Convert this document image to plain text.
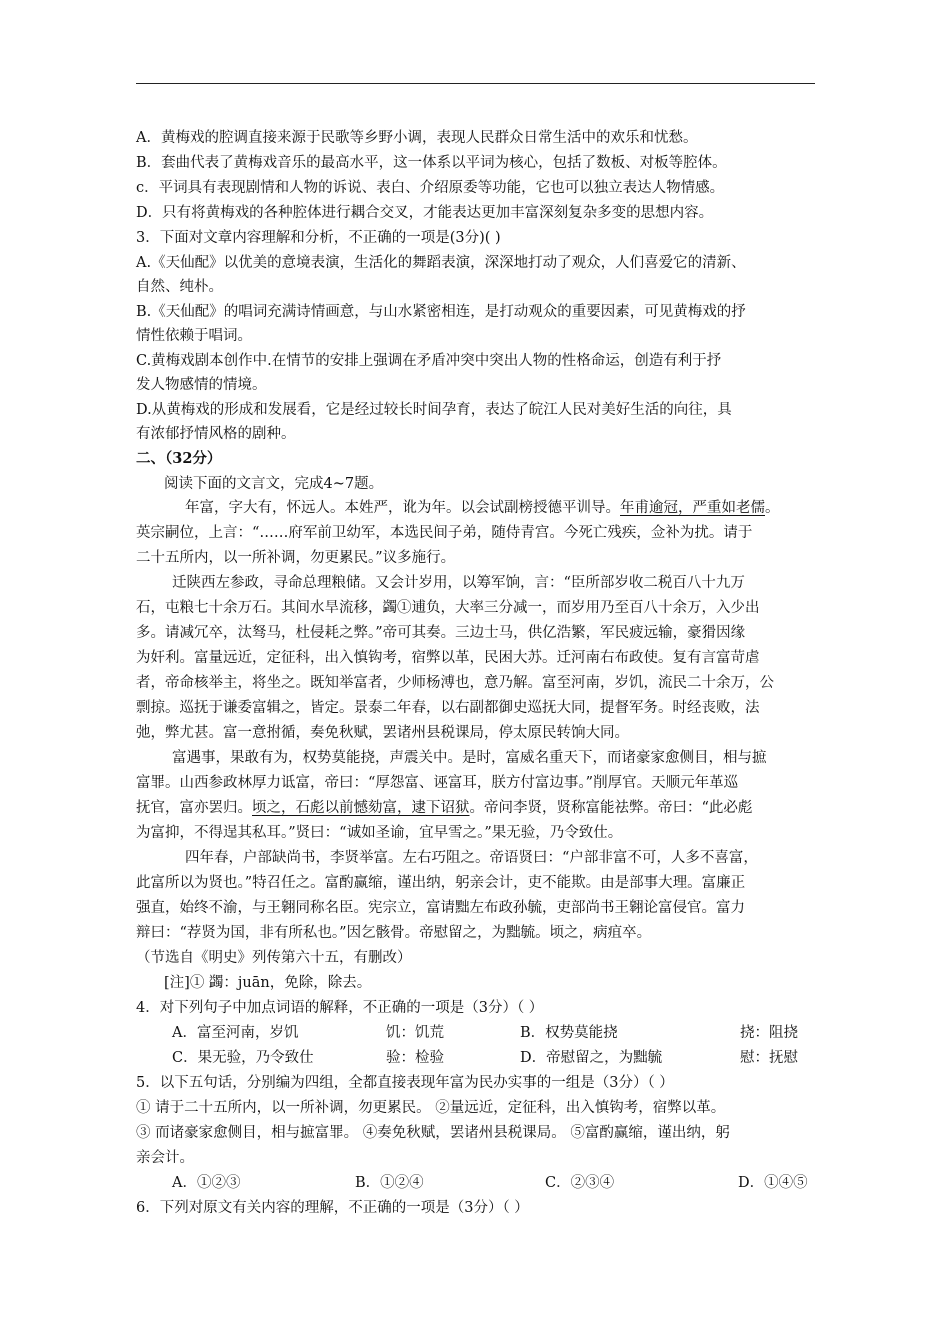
A．黄梅戏的腔调直接来源于民歌等乡野小调，表现人民群众日常生活中的欢乐和忧愁。
B．套曲代表了黄梅戏音乐的最高水平，这一体系以平词为核心，包括了数板、对板等腔体。
c．平词具有表现剧情和人物的诉说、表白、介绍原委等功能，它也可以独立表达人物情感。
D．只有将黄梅戏的各种腔体进行耦合交叉，才能表达更加丰富深刻复杂多变的思想内容。
3．下面对文章内容理解和分析，不正确的一项是(3分)( )
A.《天仙配》以优美的意境表演，生活化的舞蹈表演，深深地打动了观众，人们喜爱它的清新、
自然、纯朴。
B.《天仙配》的唱词充满诗情画意，与山水紧密相连，是打动观众的重要因素，可见黄梅戏的抒
情性依赖于唱词。
C.黄梅戏剧本创作中.在情节的安排上强调在矛盾冲突中突出人物的性格命运，创造有利于抒
发人物感情的情境。
D.从黄梅戏的形成和发展看，它是经过较长时间孕育，表达了皖江人民对美好生活的向往，具
有浓郁抒情风格的剧种。
二、（32分）
阅读下面的文言文，完成4~7题。
年富，字大有，怀远人。本姓严，讹为年。以会试副榜授德平训导。年甫逾冠，严重如老儒。
英宗嗣位，上言：“……府军前卫幼军，本选民间子弟，随侍青宫。今死亡残疾，佥补为扰。请于
二十五所内，以一所补调，勿更累民。”议多施行。
迁陕西左参政，寻命总理粮储。又会计岁用，以筹军饷，言：“臣所部岁收二税百八十九万
石，屯粮七十余万石。其间水旱流移，蠲①逋负，大率三分减一，而岁用乃至百八十余万，入少出
多。请减冗卒，汰驽马，杜侵耗之弊。”帝可其奏。三边士马，供亿浩繁，军民疲远输，豪猾因缘
为奸利。富量远近，定征科，出入慎钩考，宿弊以革，民困大苏。迁河南右布政使。复有言富苛虐
者，帝命核举主，将坐之。既知举富者，少师杨溥也，意乃解。富至河南，岁饥，流民二十余万，公
剽掠。巡抚于谦委富辑之，皆定。景泰二年春，以右副都御史巡抚大同，提督军务。时经丧败，法
弛，弊尤甚。富一意拊循，奏免秋赋，罢诸州县税课局，停太原民转饷大同。
富遇事，果敢有为，权势莫能挠，声震关中。是时，富威名重天下，而诸豪家愈侧目，相与摭
富罪。山西参政林厚力诋富，帝曰：“厚怨富、诬富耳，朕方付富边事。”削厚官。天顺元年革巡
抚官，富亦罢归。顷之，石彪以前憾劾富，逮下诏狱。帝问李贤，贤称富能祛弊。帝曰：“此必彪
为富抑，不得逞其私耳。”贤曰：“诚如圣谕，宜早雪之。”果无验，乃令致仕。
四年春，户部缺尚书，李贤举富。左右巧阻之。帝语贤曰：“户部非富不可，人多不喜富，
此富所以为贤也。”特召任之。富酌赢缩，谨出纳，躬亲会计，吏不能欺。由是部事大理。富廉正
强直，始终不渝，与王翱同称名臣。宪宗立，富请黜左布政孙毓，吏部尚书王翱论富侵官。富力
辩曰：“荐贤为国，非有所私也。”因乞骸骨。帝慰留之，为黜毓。顷之，病疽卒。
（节选自《明史》列传第六十五，有删改）
[注]① 蠲：juān，免除，除去。
4．对下列句子中加点词语的解释，不正确的一项是（3分）（ ）
A．富至河南，岁饥	饥：饥荒	B．权势莫能挠	挠：阻挠
C．果无验，乃令致仕	验：检验	D．帝慰留之，为黜毓	慰：抚慰
5．以下五句话，分别编为四组，全都直接表现年富为民办实事的一组是（3分）（ ）
① 请于二十五所内，以一所补调，勿更累民。 ②量远近，定征科，出入慎钩考，宿弊以革。
③ 而诸豪家愈侧目，相与摭富罪。 ④奏免秋赋，罢诸州县税课局。 ⑤富酌赢缩，谨出纳，躬
亲会计。
A．①②③	B．①②④	C．②③④	D．①④⑤
6．下列对原文有关内容的理解，不正确的一项是（3分）（ ）
